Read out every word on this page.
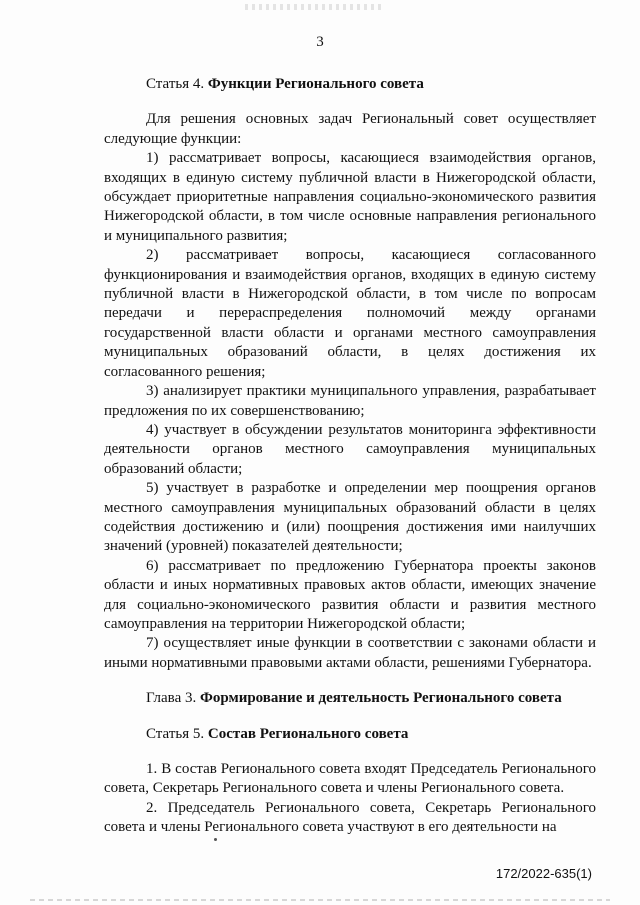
3
Статья 4. Функции Регионального совета

Для решения основных задач Региональный совет осуществляет следующие функции:

1) рассматривает вопросы, касающиеся взаимодействия органов, входящих в единую систему публичной власти в Нижегородской области, обсуждает приоритетные направления социально-экономического развития Нижегородской области, в том числе основные направления регионального и муниципального развития;

2) рассматривает вопросы, касающиеся согласованного функционирования и взаимодействия органов, входящих в единую систему публичной власти в Нижегородской области, в том числе по вопросам передачи и перераспределения полномочий между органами государственной власти области и органами местного самоуправления муниципальных образований области, в целях достижения их согласованного решения;

3) анализирует практики муниципального управления, разрабатывает предложения по их совершенствованию;

4) участвует в обсуждении результатов мониторинга эффективности деятельности органов местного самоуправления муниципальных образований области;

5) участвует в разработке и определении мер поощрения органов местного самоуправления муниципальных образований области в целях содействия достижению и (или) поощрения достижения ими наилучших значений (уровней) показателей деятельности;

6) рассматривает по предложению Губернатора проекты законов области и иных нормативных правовых актов области, имеющих значение для социально-экономического развития области и развития местного самоуправления на территории Нижегородской области;

7) осуществляет иные функции в соответствии с законами области и иными нормативными правовыми актами области, решениями Губернатора.

Глава 3. Формирование и деятельность Регионального совета
Статья 5. Состав Регионального совета

1. В состав Регионального совета входят Председатель Регионального совета, Секретарь Регионального совета и члены Регионального совета.

2. Председатель Регионального совета, Секретарь Регионального совета и члены Регионального совета участвуют в его деятельности на

172/2022-635(1)
